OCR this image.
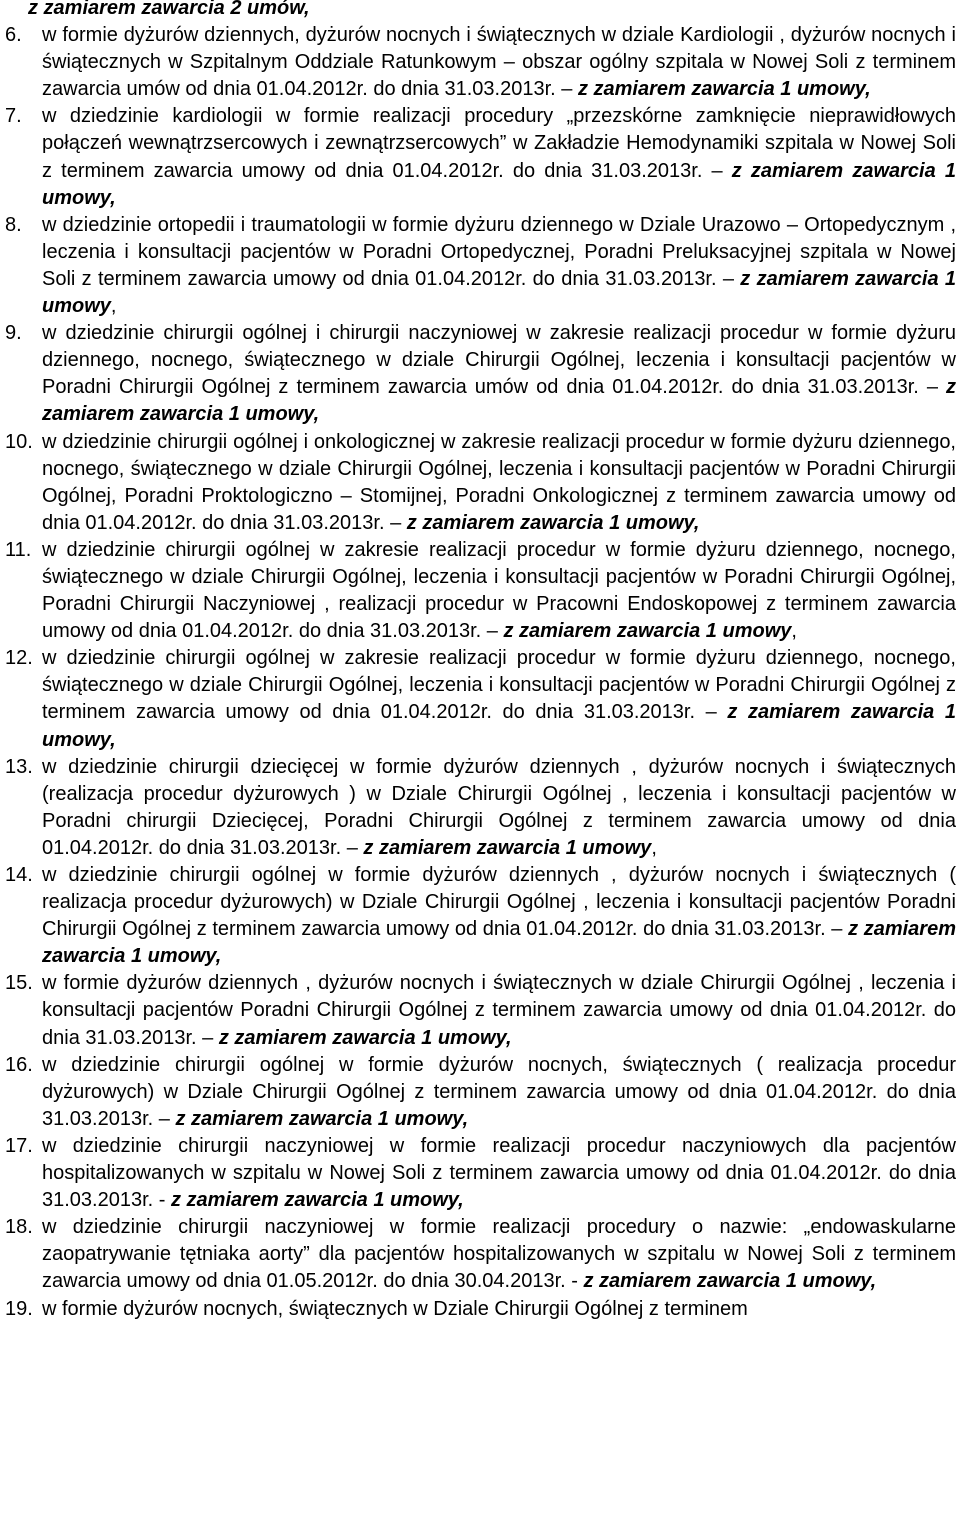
z zamiarem zawarcia 2 umów,

6. w formie dyżurów dziennych, dyżurów nocnych i świątecznych w dziale Kardiologii , dyżurów nocnych i świątecznych w Szpitalnym Oddziale Ratunkowym – obszar ogólny szpitala w Nowej Soli z terminem zawarcia umów od dnia 01.04.2012r. do dnia 31.03.2013r. – z zamiarem zawarcia 1 umowy,
7. w dziedzinie kardiologii w formie realizacji procedury „przezskórne zamknięcie nieprawidłowych połączeń wewnątrzsercowych i zewnątrzsercowych” w Zakładzie Hemodynamiki szpitala w Nowej Soli z terminem zawarcia umowy od dnia 01.04.2012r. do dnia 31.03.2013r. – z zamiarem zawarcia 1 umowy,
8. w dziedzinie ortopedii i traumatologii w formie dyżuru dziennego w Dziale Urazowo – Ortopedycznym , leczenia i konsultacji pacjentów w Poradni Ortopedycznej, Poradni Preluksacyjnej szpitala w Nowej Soli z terminem zawarcia umowy od dnia 01.04.2012r. do dnia 31.03.2013r. – z zamiarem zawarcia 1 umowy,
9. w dziedzinie chirurgii ogólnej i chirurgii naczyniowej w zakresie realizacji procedur w formie dyżuru dziennego, nocnego, świątecznego w dziale Chirurgii Ogólnej, leczenia i konsultacji pacjentów w Poradni Chirurgii Ogólnej z terminem zawarcia umów od dnia 01.04.2012r. do dnia 31.03.2013r. – z zamiarem zawarcia 1 umowy,
10. w dziedzinie chirurgii ogólnej i onkologicznej w zakresie realizacji procedur w formie dyżuru dziennego, nocnego, świątecznego w dziale Chirurgii Ogólnej, leczenia i konsultacji pacjentów w Poradni Chirurgii Ogólnej, Poradni Proktologiczno – Stomijnej, Poradni Onkologicznej z terminem zawarcia umowy od dnia 01.04.2012r. do dnia 31.03.2013r. – z zamiarem zawarcia 1 umowy,
11. w dziedzinie chirurgii ogólnej w zakresie realizacji procedur w formie dyżuru dziennego, nocnego, świątecznego w dziale Chirurgii Ogólnej, leczenia i konsultacji pacjentów w Poradni Chirurgii Ogólnej, Poradni Chirurgii Naczyniowej , realizacji procedur w Pracowni Endoskopowej z terminem zawarcia umowy od dnia 01.04.2012r. do dnia 31.03.2013r. – z zamiarem zawarcia 1 umowy,
12. w dziedzinie chirurgii ogólnej w zakresie realizacji procedur w formie dyżuru dziennego, nocnego, świątecznego w dziale Chirurgii Ogólnej, leczenia i konsultacji pacjentów w Poradni Chirurgii Ogólnej z terminem zawarcia umowy od dnia 01.04.2012r. do dnia 31.03.2013r. – z zamiarem zawarcia 1 umowy,
13. w dziedzinie chirurgii dziecięcej w formie dyżurów dziennych , dyżurów nocnych i świątecznych (realizacja procedur dyżurowych ) w Dziale Chirurgii Ogólnej , leczenia i konsultacji pacjentów w Poradni chirurgii Dziecięcej, Poradni Chirurgii Ogólnej z terminem zawarcia umowy od dnia 01.04.2012r. do dnia 31.03.2013r. – z zamiarem zawarcia 1 umowy,
14. w dziedzinie chirurgii ogólnej w formie dyżurów dziennych , dyżurów nocnych i świątecznych ( realizacja procedur dyżurowych) w Dziale Chirurgii Ogólnej , leczenia i konsultacji pacjentów Poradni Chirurgii Ogólnej z terminem zawarcia umowy od dnia 01.04.2012r. do dnia 31.03.2013r. – z zamiarem zawarcia 1 umowy,
15. w formie dyżurów dziennych , dyżurów nocnych i świątecznych w dziale Chirurgii Ogólnej , leczenia i konsultacji pacjentów Poradni Chirurgii Ogólnej z terminem zawarcia umowy od dnia 01.04.2012r. do dnia 31.03.2013r. – z zamiarem zawarcia 1 umowy,
16. w dziedzinie chirurgii ogólnej w formie dyżurów nocnych, świątecznych ( realizacja procedur dyżurowych) w Dziale Chirurgii Ogólnej z terminem zawarcia umowy od dnia 01.04.2012r. do dnia 31.03.2013r. – z zamiarem zawarcia 1 umowy,
17. w dziedzinie chirurgii naczyniowej w formie realizacji procedur naczyniowych dla pacjentów hospitalizowanych w szpitalu w Nowej Soli z terminem zawarcia umowy od dnia 01.04.2012r. do dnia 31.03.2013r. - z zamiarem zawarcia 1 umowy,
18. w dziedzinie chirurgii naczyniowej w formie realizacji procedury o nazwie: „endowaskularne zaopatrywanie tętniaka aorty” dla pacjentów hospitalizowanych w szpitalu w Nowej Soli z terminem zawarcia umowy od dnia 01.05.2012r. do dnia 30.04.2013r. - z zamiarem zawarcia 1 umowy,
19. w formie dyżurów nocnych, świątecznych w Dziale Chirurgii Ogólnej z terminem
